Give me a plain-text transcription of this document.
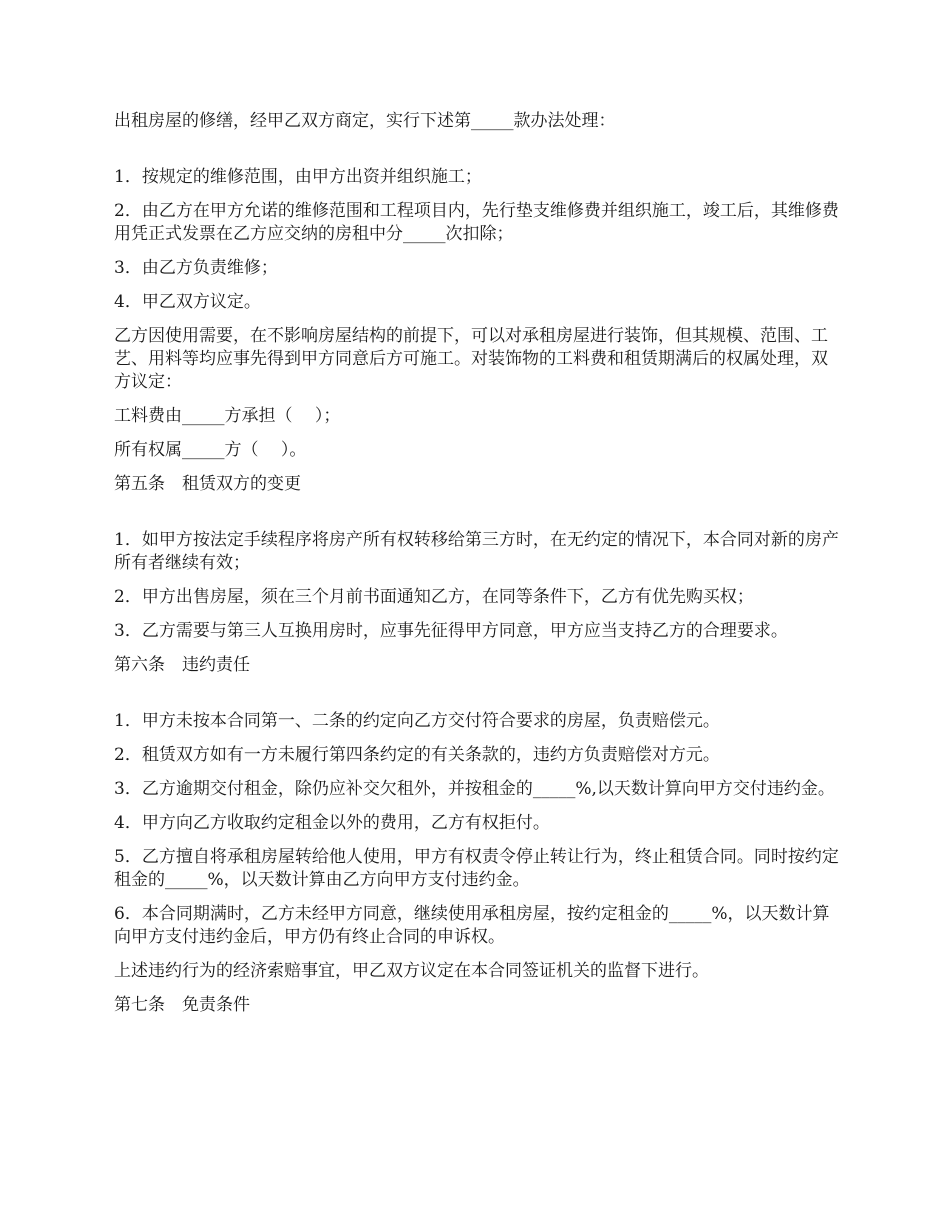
出租房屋的修缮，经甲乙双方商定，实行下述第_____款办法处理：

1．按规定的维修范围，由甲方出资并组织施工；

2．由乙方在甲方允诺的维修范围和工程项目内，先行垫支维修费并组织施工，竣工后，其维修费用凭正式发票在乙方应交纳的房租中分_____次扣除；

3．由乙方负责维修；

4．甲乙双方议定。

乙方因使用需要，在不影响房屋结构的前提下，可以对承租房屋进行装饰，但其规模、范围、工艺、用料等均应事先得到甲方同意后方可施工。对装饰物的工料费和租赁期满后的权属处理，双方议定：

工料费由_____方承担（　 ）；

所有权属_____方（　 ）。

第五条　租赁双方的变更

1．如甲方按法定手续程序将房产所有权转移给第三方时，在无约定的情况下，本合同对新的房产所有者继续有效；

2．甲方出售房屋，须在三个月前书面通知乙方，在同等条件下，乙方有优先购买权；

3．乙方需要与第三人互换用房时，应事先征得甲方同意，甲方应当支持乙方的合理要求。

第六条　违约责任

1．甲方未按本合同第一、二条的约定向乙方交付符合要求的房屋，负责赔偿元。

2．租赁双方如有一方未履行第四条约定的有关条款的，违约方负责赔偿对方元。

3．乙方逾期交付租金，除仍应补交欠租外，并按租金的_____%,以天数计算向甲方交付违约金。

4．甲方向乙方收取约定租金以外的费用，乙方有权拒付。

5．乙方擅自将承租房屋转给他人使用，甲方有权责令停止转让行为，终止租赁合同。同时按约定租金的_____%，以天数计算由乙方向甲方支付违约金。

6．本合同期满时，乙方未经甲方同意，继续使用承租房屋，按约定租金的_____%，以天数计算向甲方支付违约金后，甲方仍有终止合同的申诉权。

上述违约行为的经济索赔事宜，甲乙双方议定在本合同签证机关的监督下进行。

第七条　免责条件
